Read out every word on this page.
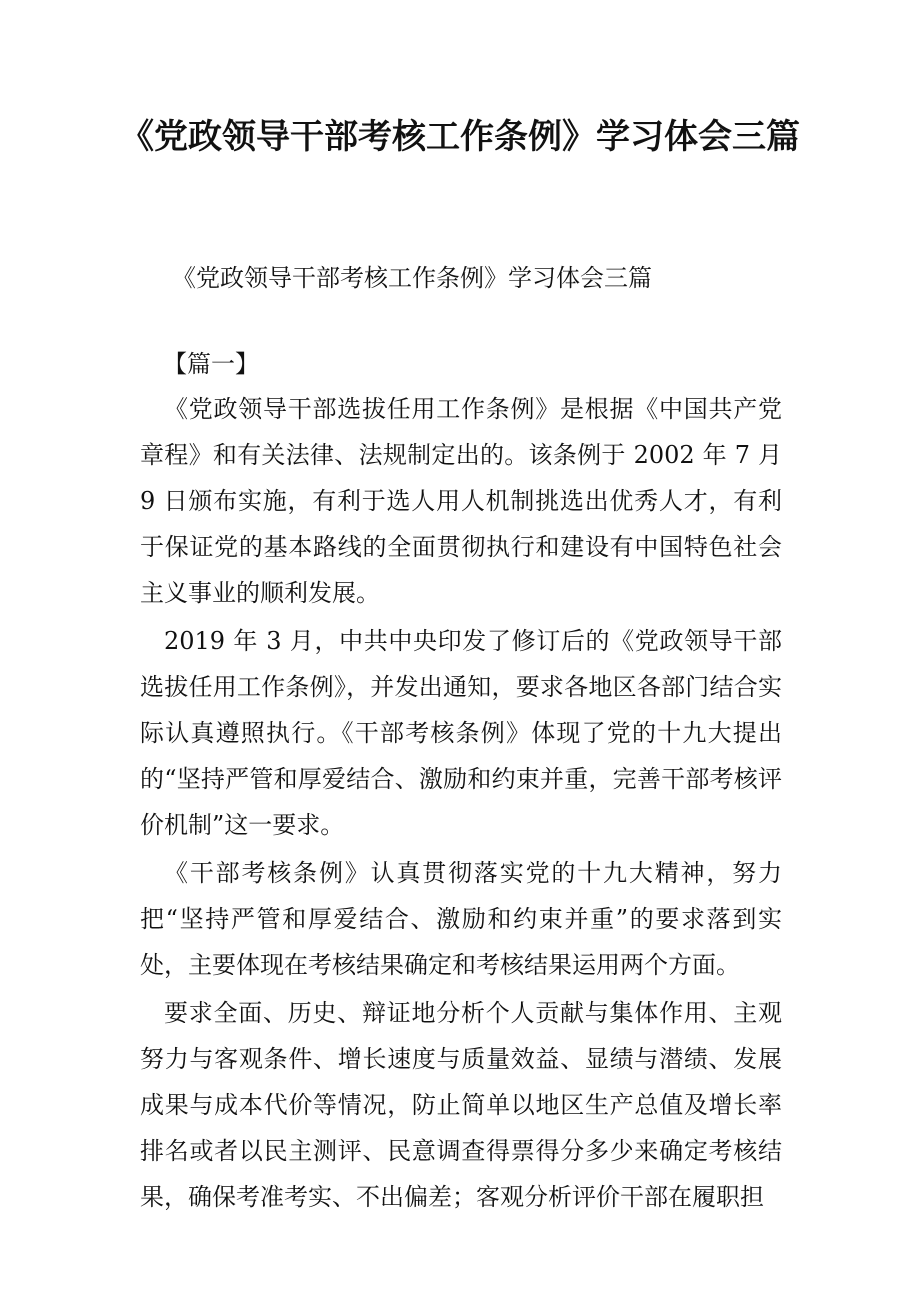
《党政领导干部考核工作条例》学习体会三篇
《党政领导干部考核工作条例》学习体会三篇
【篇一】

《党政领导干部选拔任用工作条例》是根据《中国共产党章程》和有关法律、法规制定出的。该条例于 2002 年 7 月 9 日颁布实施，有利于选人用人机制挑选出优秀人才，有利于保证党的基本路线的全面贯彻执行和建设有中国特色社会主义事业的顺利发展。

2019 年 3 月，中共中央印发了修订后的《党政领导干部选拔任用工作条例》，并发出通知，要求各地区各部门结合实际认真遵照执行。《干部考核条例》体现了党的十九大提出的“坚持严管和厚爱结合、激励和约束并重，完善干部考核评价机制”这一要求。

《干部考核条例》认真贯彻落实党的十九大精神，努力把“坚持严管和厚爱结合、激励和约束并重”的要求落到实处，主要体现在考核结果确定和考核结果运用两个方面。

要求全面、历史、辩证地分析个人贡献与集体作用、主观努力与客观条件、增长速度与质量效益、显绩与潜绩、发展成果与成本代价等情况，防止简单以地区生产总值及增长率排名或者以民主测评、民意调查得票得分多少来确定考核结果，确保考准考实、不出偏差；客观分析评价干部在履职担
